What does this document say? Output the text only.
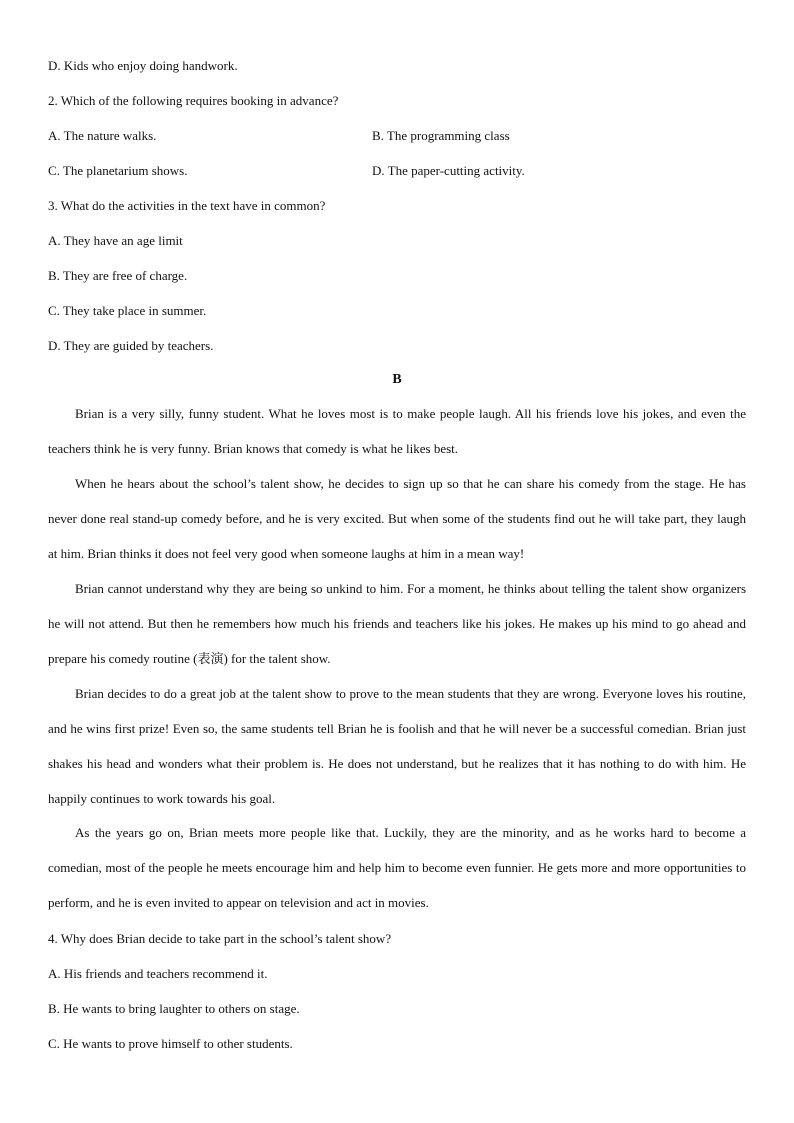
D. Kids who enjoy doing handwork.
2. Which of the following requires booking in advance?
A. The nature walks.	B. The programming class
C. The planetarium shows.	D. The paper-cutting activity.
3. What do the activities in the text have in common?
A. They have an age limit
B. They are free of charge.
C. They take place in summer.
D. They are guided by teachers.
B
Brian is a very silly, funny student. What he loves most is to make people laugh. All his friends love his jokes, and even the teachers think he is very funny. Brian knows that comedy is what he likes best.
When he hears about the school’s talent show, he decides to sign up so that he can share his comedy from the stage. He has never done real stand-up comedy before, and he is very excited. But when some of the students find out he will take part, they laugh at him. Brian thinks it does not feel very good when someone laughs at him in a mean way!
Brian cannot understand why they are being so unkind to him. For a moment, he thinks about telling the talent show organizers he will not attend. But then he remembers how much his friends and teachers like his jokes. He makes up his mind to go ahead and prepare his comedy routine (表演) for the talent show.
Brian decides to do a great job at the talent show to prove to the mean students that they are wrong. Everyone loves his routine, and he wins first prize! Even so, the same students tell Brian he is foolish and that he will never be a successful comedian. Brian just shakes his head and wonders what their problem is. He does not understand, but he realizes that it has nothing to do with him. He happily continues to work towards his goal.
As the years go on, Brian meets more people like that. Luckily, they are the minority, and as he works hard to become a comedian, most of the people he meets encourage him and help him to become even funnier. He gets more and more opportunities to perform, and he is even invited to appear on television and act in movies.
4. Why does Brian decide to take part in the school’s talent show?
A. His friends and teachers recommend it.
B. He wants to bring laughter to others on stage.
C. He wants to prove himself to other students.
